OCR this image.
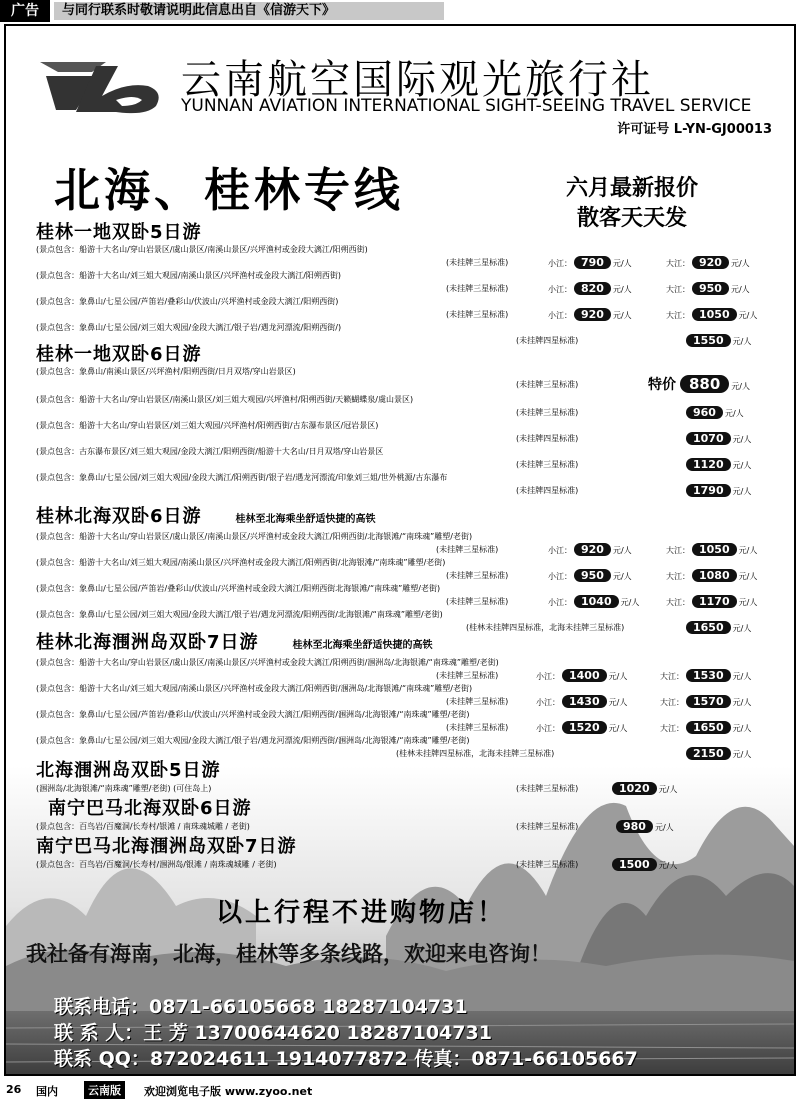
广告	与同行联系时敬请说明此信息出自《信游天下》
云南航空国际观光旅行社
YUNNAN AVIATION INTERNATIONAL SIGHT-SEEING TRAVEL SERVICE
许可证号 L-YN-GJ00013
北海、桂林专线	六月最新报价
散客天天发
桂林一地双卧5日游
(景点包含：船游十大名山/穿山岩景区/虞山景区/南溪山景区/兴坪渔村或金段大漓江/阳朔西街)
(未挂牌三星标准)	小江： 790 元/人	大江： 920 元/人
(景点包含：船游十大名山/刘三姐大观园/南溪山景区/兴坪渔村或金段大漓江/阳朔西街)
(未挂牌三星标准)	小江： 820 元/人	大江： 950 元/人
(景点包含：象鼻山/七星公园/芦笛岩/叠彩山/伏波山/兴坪渔村或金段大漓江/阳朔西街)
(未挂牌三星标准)	小江： 920 元/人	大江： 1050 元/人
(景点包含：象鼻山/七星公园/刘三姐大观园/金段大漓江/银子岩/遇龙河漂流/阳朔西街/)
(未挂牌四星标准)	1550 元/人
桂林一地双卧6日游
(景点包含：象鼻山/南溪山景区/兴坪渔村/阳朔西街/日月双塔/穿山岩景区)
(未挂牌三星标准)	特价 880 元/人
(景点包含：船游十大名山/穿山岩景区/南溪山景区/刘三姐大观园/兴坪渔村/阳朔西街/天籁蝴蝶泉/虞山景区)
(未挂牌三星标准)	960 元/人
(景点包含：船游十大名山/穿山岩景区/刘三姐大观园/兴坪渔村/阳朔西街/古东瀑布景区/冠岩景区)
(未挂牌四星标准)	1070 元/人
(景点包含：古东瀑布景区/刘三姐大观园/金段大漓江/阳朔西街/船游十大名山/日月双塔/穿山岩景区
(未挂牌三星标准)	1120 元/人
(景点包含：象鼻山/七星公园/刘三姐大观园/金段大漓江/阳朔西街/银子岩/遇龙河漂流/印象刘三姐/世外桃源/古东瀑布
(未挂牌四星标准)	1790 元/人
桂林北海双卧6日游	桂林至北海乘坐舒适快捷的高铁
(景点包含：船游十大名山/穿山岩景区/虞山景区/南溪山景区/兴坪渔村或金段大漓江/阳朔西街/北海银滩/“南珠魂”雕塑/老街)
(未挂牌三星标准)	小江： 920 元/人	大江： 1050 元/人
(景点包含：船游十大名山/刘三姐大观园/南溪山景区/兴坪渔村或金段大漓江/阳朔西街/北海银滩/“南珠魂”雕塑/老街)
(未挂牌三星标准)	小江： 950 元/人	大江： 1080 元/人
(景点包含：象鼻山/七星公园/芦笛岩/叠彩山/伏波山/兴坪渔村或金段大漓江/阳朔西街北海银滩/“南珠魂”雕塑/老街)
(未挂牌三星标准)	小江： 1040 元/人	大江： 1170 元/人
(景点包含：象鼻山/七星公园/刘三姐大观园/金段大漓江/银子岩/遇龙河漂流/阳朔西街/北海银滩/“南珠魂”雕塑/老街)
(桂林未挂牌四星标准，北海未挂牌三星标准)	1650 元/人
桂林北海涠洲岛双卧7日游	桂林至北海乘坐舒适快捷的高铁
(景点包含：船游十大名山/穿山岩景区/虞山景区/南溪山景区/兴坪渔村或金段大漓江/阳朔西街/涠洲岛/北海银滩/“南珠魂”雕塑/老街)
(未挂牌三星标准)	小江： 1400 元/人	大江： 1530 元/人
(景点包含：船游十大名山/刘三姐大观园/南溪山景区/兴坪渔村或金段大漓江/阳朔西街/涠洲岛/北海银滩/“南珠魂”雕塑/老街)
(未挂牌三星标准)	小江： 1430 元/人	大江： 1570 元/人
(景点包含：象鼻山/七星公园/芦笛岩/叠彩山/伏波山/兴坪渔村或金段大漓江/阳朔西街/涠洲岛/北海银滩/“南珠魂”雕塑/老街)
(未挂牌三星标准)	小江： 1520 元/人	大江： 1650 元/人
(景点包含：象鼻山/七星公园/刘三姐大观园/金段大漓江/银子岩/遇龙河漂流/阳朔西街/涠洲岛/北海银滩/“南珠魂”雕塑/老街)
(桂林未挂牌四星标准，北海未挂牌三星标准)	2150 元/人
北海涠洲岛双卧5日游
(涠洲岛/北海银滩/“南珠魂”雕塑/老街) (可住岛上)	(未挂牌三星标准)	1020 元/人
南宁巴马北海双卧6日游
(景点包含：百鸟岩/百魔洞/长寿村/银滩 / 南珠魂城雕 / 老街)	(未挂牌三星标准)	980 元/人
南宁巴马北海涠洲岛双卧7日游
(景点包含：百鸟岩/百魔洞/长寿村/涠洲岛/银滩 / 南珠魂城雕 / 老街)	(未挂牌三星标准)	1500 元/人
以上行程不进购物店！
我社备有海南，北海，桂林等多条线路，欢迎来电咨询！
联系电话：0871-66105668 18287104731
联 系 人：王 芳 13700644620 18287104731
联系 QQ：872024611 1914077872 传真：0871-66105667
26 国内	云南版	欢迎浏览电子版 www.zyoo.net
